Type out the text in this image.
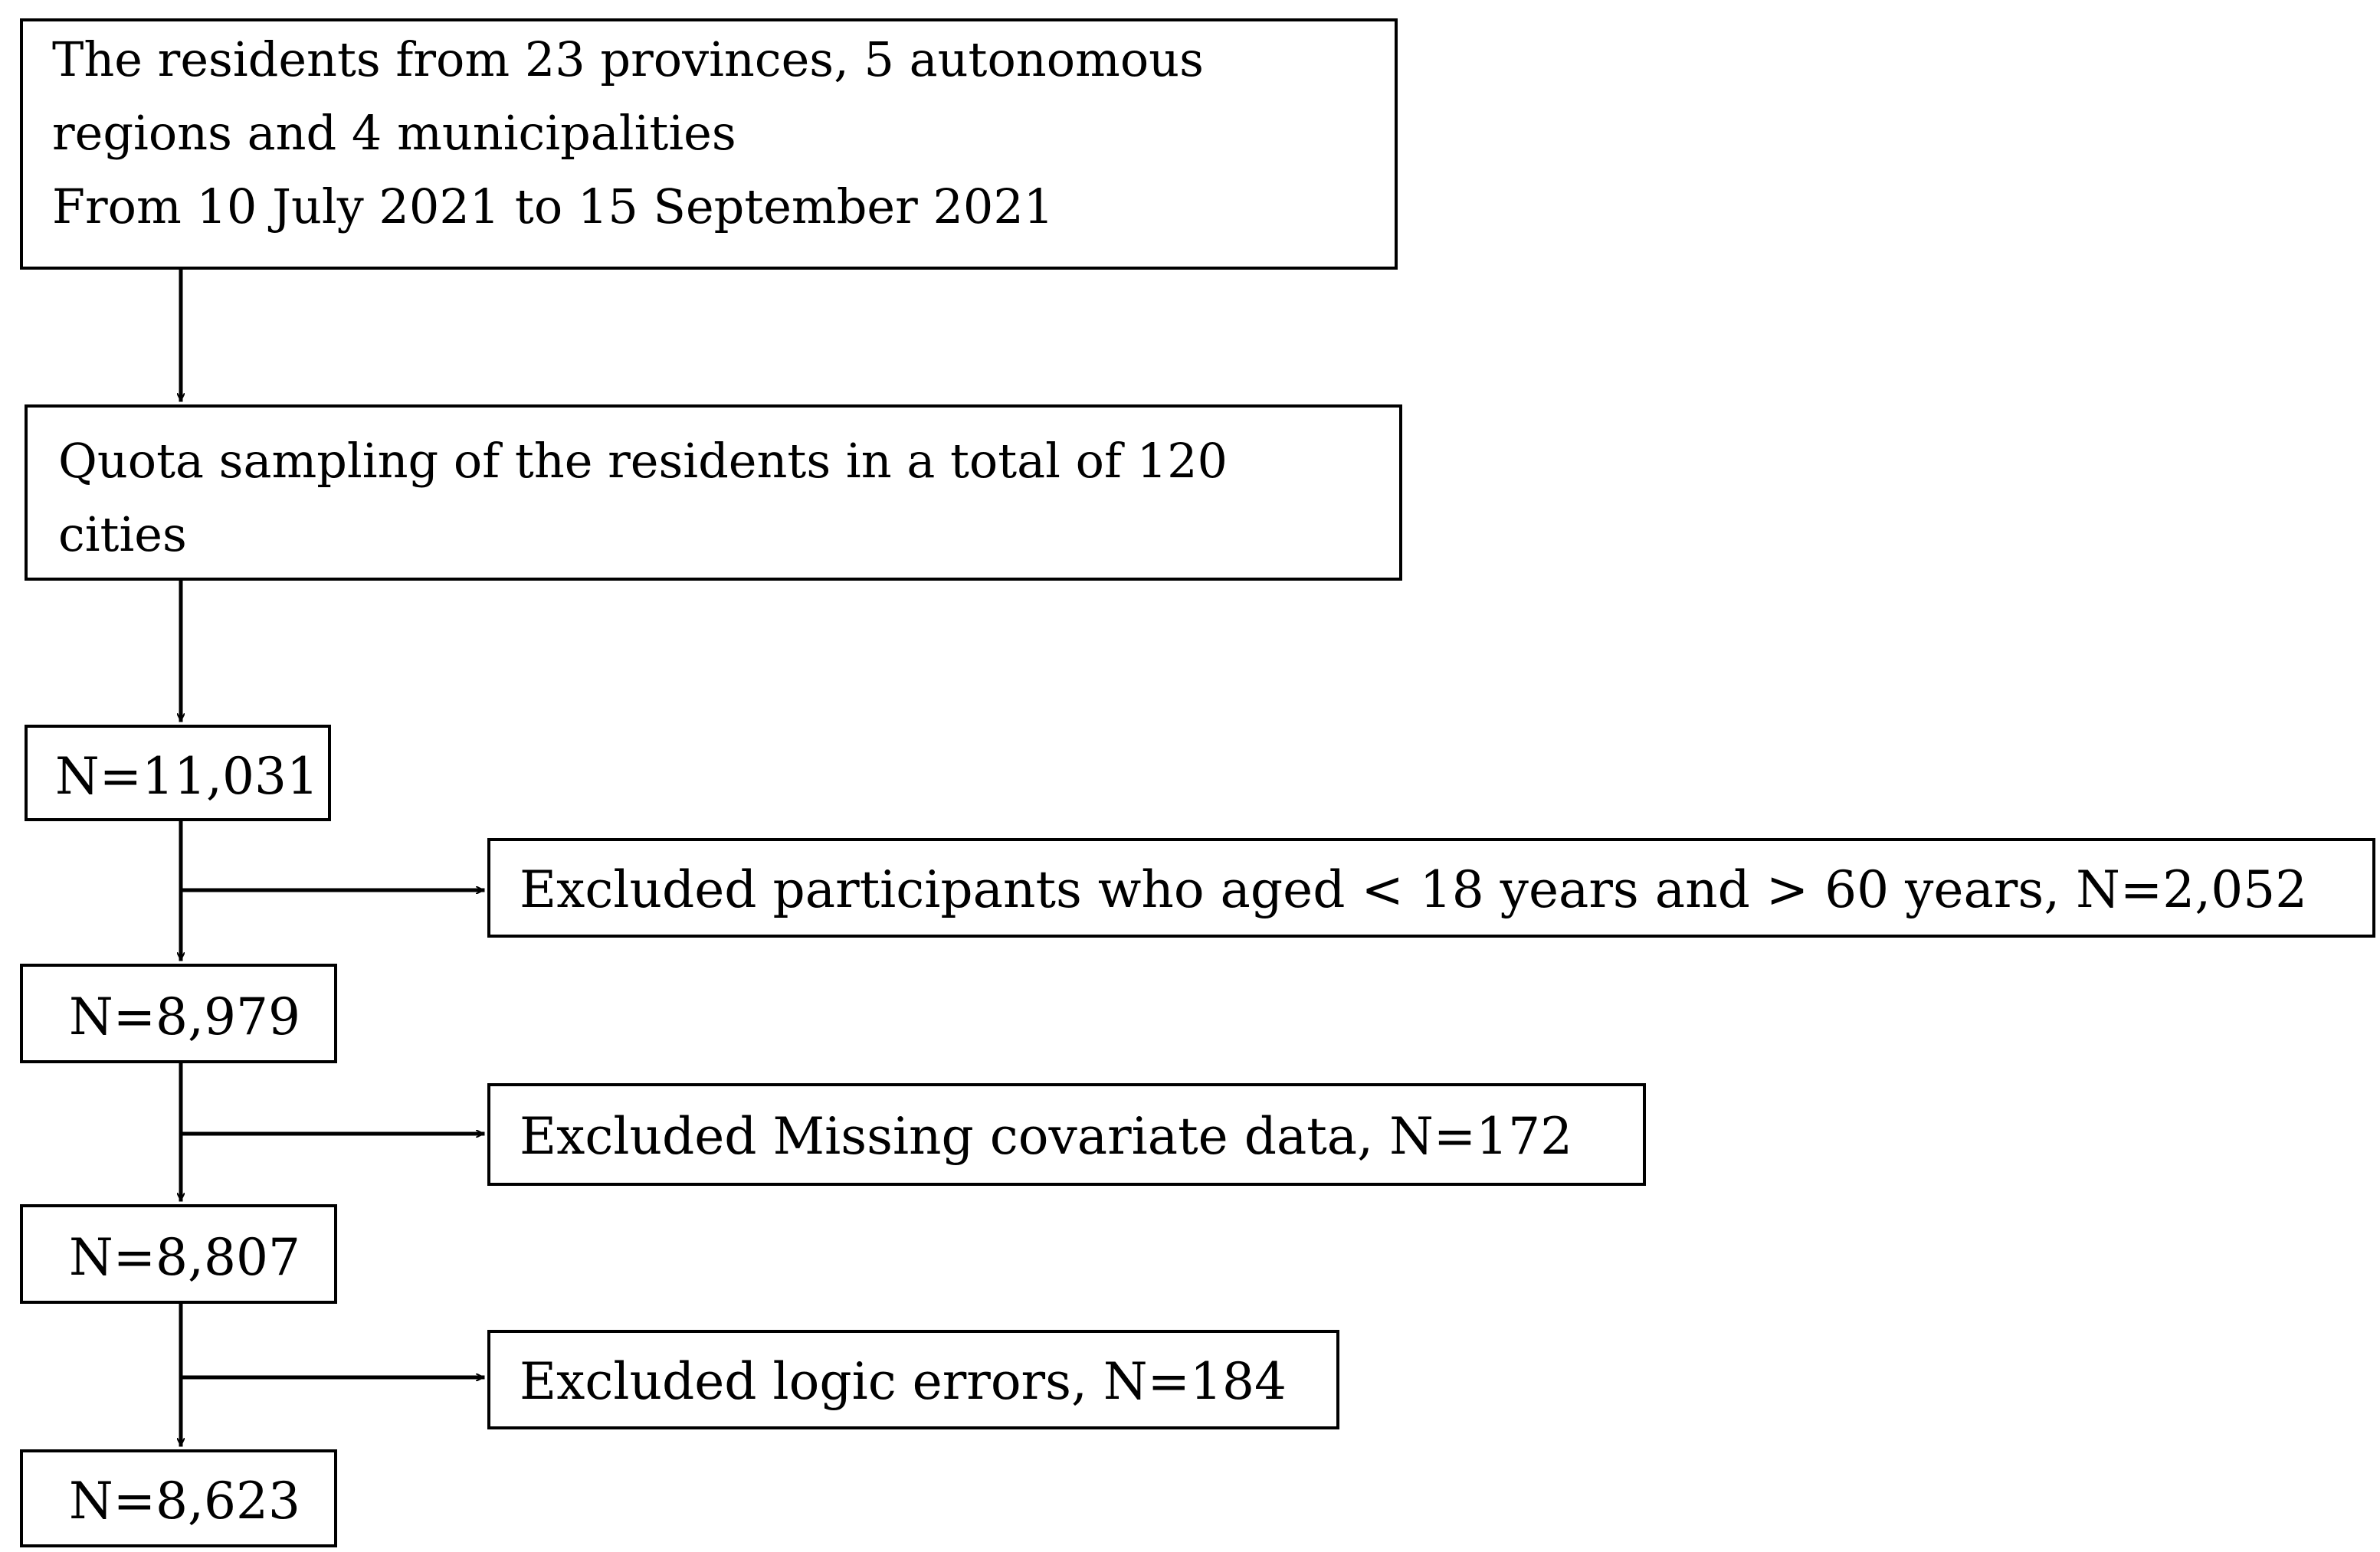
The residents from 23 provinces, 5 autonomous
regions and 4 municipalities
From 10 July 2021 to 15 September 2021
Quota sampling of the residents in a total of 120
cities
N=11,031
Excluded participants who aged < 18 years and > 60 years, N=2,052
N=8,979
Excluded Missing covariate data, N=172
N=8,807
Excluded logic errors, N=184
N=8,623
